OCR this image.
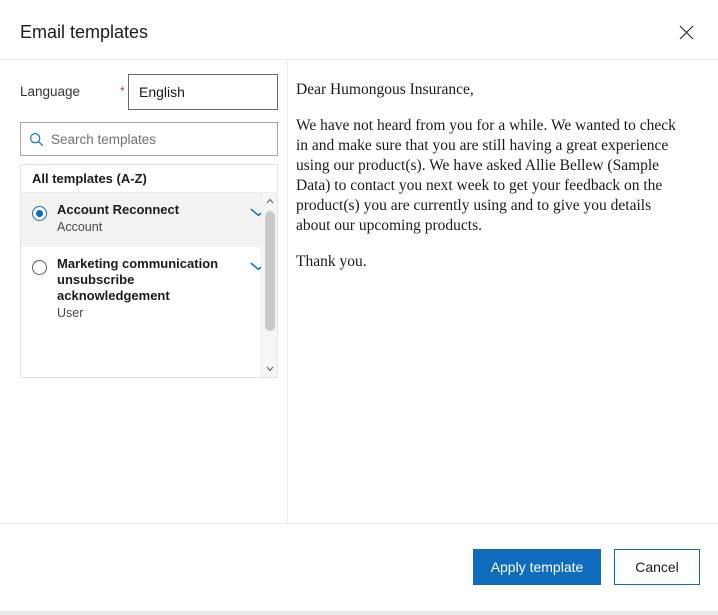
Email templates
Language	*	English
Search templates
All templates (A-Z)
Account Reconnect
Account
Marketing communication unsubscribe acknowledgement
User

Dear Humongous Insurance,

We have not heard from you for a while. We wanted to check in and make sure that you are still having a great experience using our product(s). We have asked Allie Bellew (Sample Data) to contact you next week to get your feedback on the product(s) you are currently using and to give you details about our upcoming products.

Thank you.

Apply template	Cancel
